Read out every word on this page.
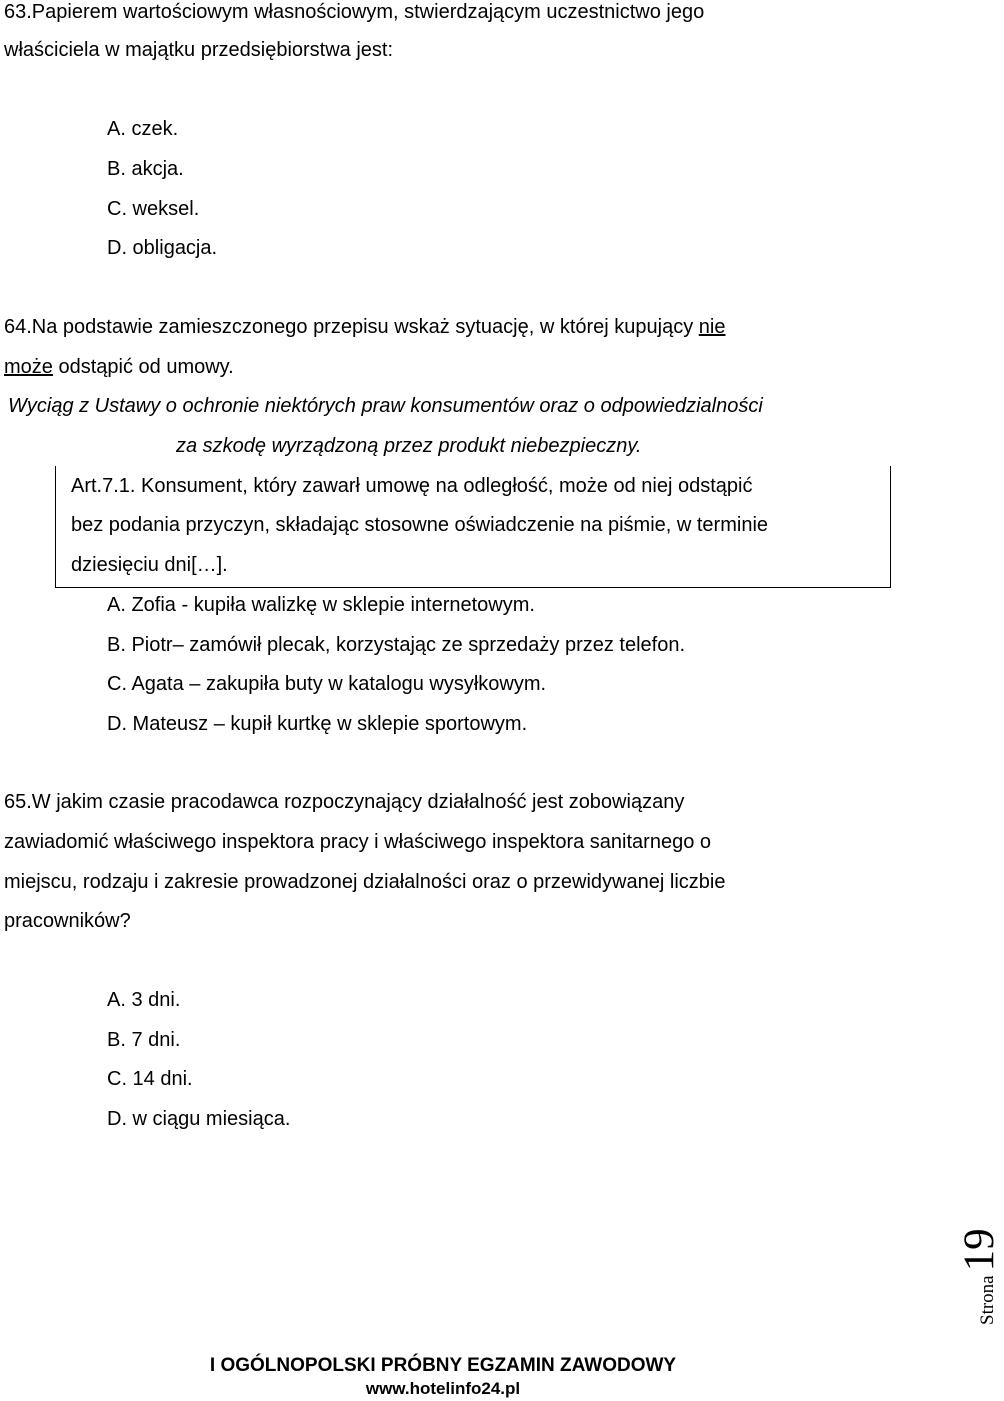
63.Papierem wartościowym własnościowym, stwierdzającym uczestnictwo jego
właściciela w majątku przedsiębiorstwa jest:
A. czek.
B. akcja.
C. weksel.
D. obligacja.
64.Na podstawie zamieszczonego przepisu wskaż sytuację, w której kupujący nie
może odstąpić od umowy.
Wyciąg z Ustawy o ochronie niektórych praw konsumentów oraz o odpowiedzialności
za szkodę wyrządzoną przez produkt niebezpieczny.
Art.7.1. Konsument, który zawarł umowę na odległość, może od niej odstąpić
bez podania przyczyn, składając stosowne oświadczenie na piśmie, w terminie
dziesięciu dni[…].
A. Zofia - kupiła walizkę w sklepie internetowym.
B. Piotr– zamówił plecak, korzystając ze sprzedaży przez telefon.
C. Agata – zakupiła buty w katalogu wysyłkowym.
D. Mateusz – kupił kurtkę w sklepie sportowym.
65.W jakim czasie pracodawca rozpoczynający działalność jest zobowiązany
zawiadomić właściwego inspektora pracy i właściwego inspektora sanitarnego o
miejscu, rodzaju i zakresie prowadzonej działalności oraz o przewidywanej liczbie
pracowników?
A. 3 dni.
B. 7 dni.
C. 14 dni.
D. w ciągu miesiąca.
Strona19
I OGÓLNOPOLSKI PRÓBNY EGZAMIN ZAWODOWY
www.hotelinfo24.pl
